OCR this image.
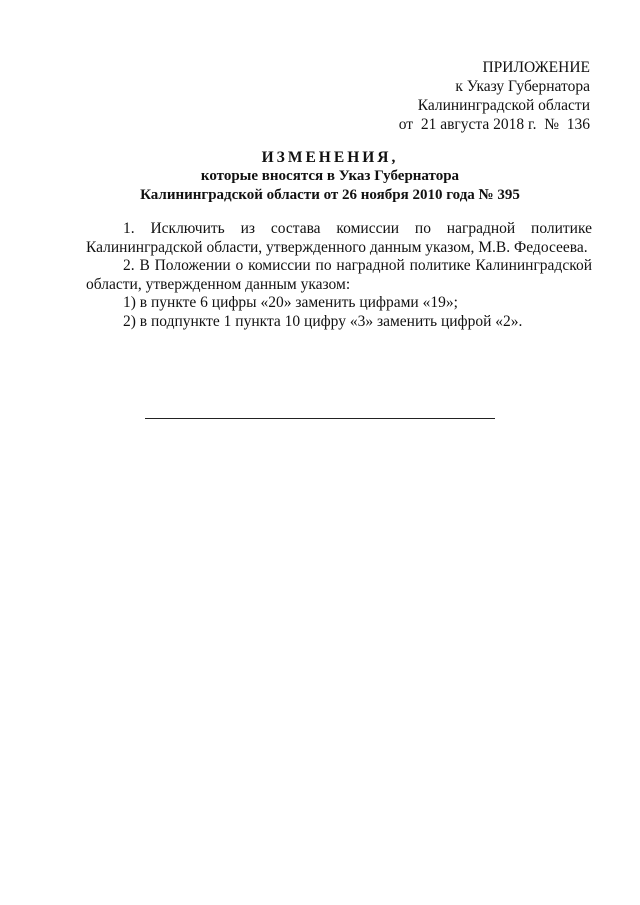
ПРИЛОЖЕНИЕ
к Указу Губернатора
Калининградской области
от 21 августа 2018 г. № 136
ИЗМЕНЕНИЯ,
которые вносятся в Указ Губернатора
Калининградской области от 26 ноября 2010 года № 395

1. Исключить из состава комиссии по наградной политике Калининградской области, утвержденного данным указом, М.В. Федосеева.

2. В Положении о комиссии по наградной политике Калининградской области, утвержденном данным указом:

1) в пункте 6 цифры «20» заменить цифрами «19»;

2) в подпункте 1 пункта 10 цифру «3» заменить цифрой «2».
